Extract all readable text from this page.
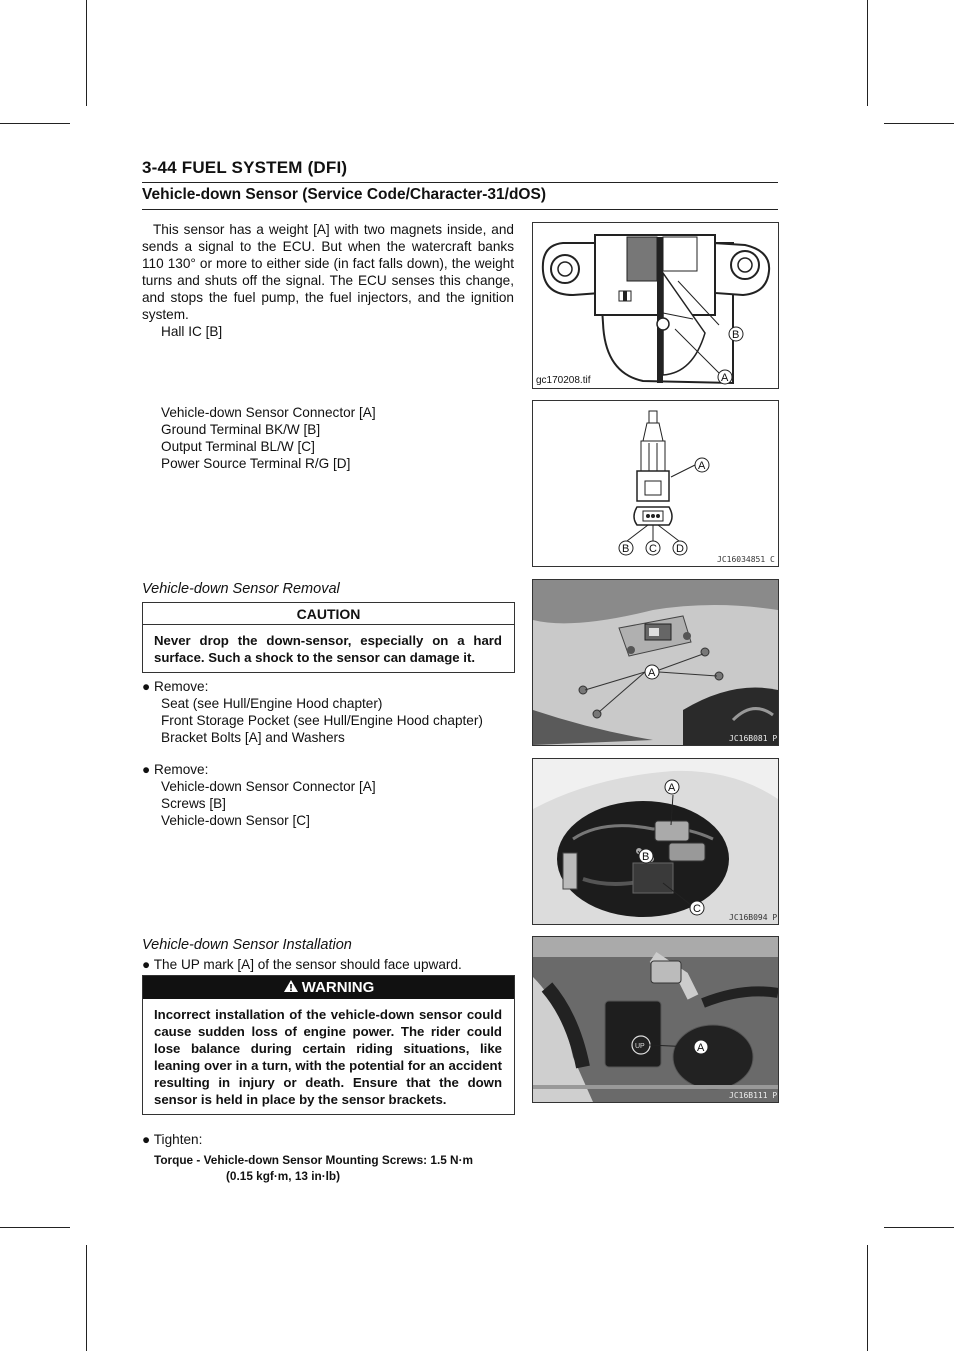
3-44 FUEL SYSTEM (DFI)
Vehicle-down Sensor (Service Code/Character-31/dOS)
This sensor has a weight [A] with two magnets inside, and sends a signal to the ECU. But when the watercraft banks 110 130° or more to either side (in fact falls down), the weight turns and shuts off the signal. The ECU senses this change, and stops the fuel pump, the fuel injectors, and the ignition system.
Hall IC [B]	B
A
gc170208.tif
Vehicle-down Sensor Connector [A]
Ground Terminal BK/W [B]
Output Terminal BL/W [C]
Power Source Terminal R/G [D]	A
B C D
JC16034851 C
Vehicle-down Sensor Removal
CAUTION
Never drop the down-sensor, especially on a hard surface. Such a shock to the sensor can damage it.
● Remove:
Seat (see Hull/Engine Hood chapter)
Front Storage Pocket (see Hull/Engine Hood chapter)
Bracket Bolts [A] and Washers
A
JC16B081 P
● Remove:
Vehicle-down Sensor Connector [A]
Screws [B]
Vehicle-down Sensor [C]
A
B
C
JC16B094 P
Vehicle-down Sensor Installation
● The UP mark [A] of the sensor should face upward.
WARNING
Incorrect installation of the vehicle-down sensor could cause sudden loss of engine power. The rider could lose balance during certain riding situations, like leaning over in a turn, with the potential for an accident resulting in injury or death. Ensure that the down sensor is held in place by the sensor brackets.
● Tighten:
Torque - Vehicle-down Sensor Mounting Screws: 1.5 N·m
(0.15 kgf·m, 13 in·lb)
UP	A
JC16B111 P
